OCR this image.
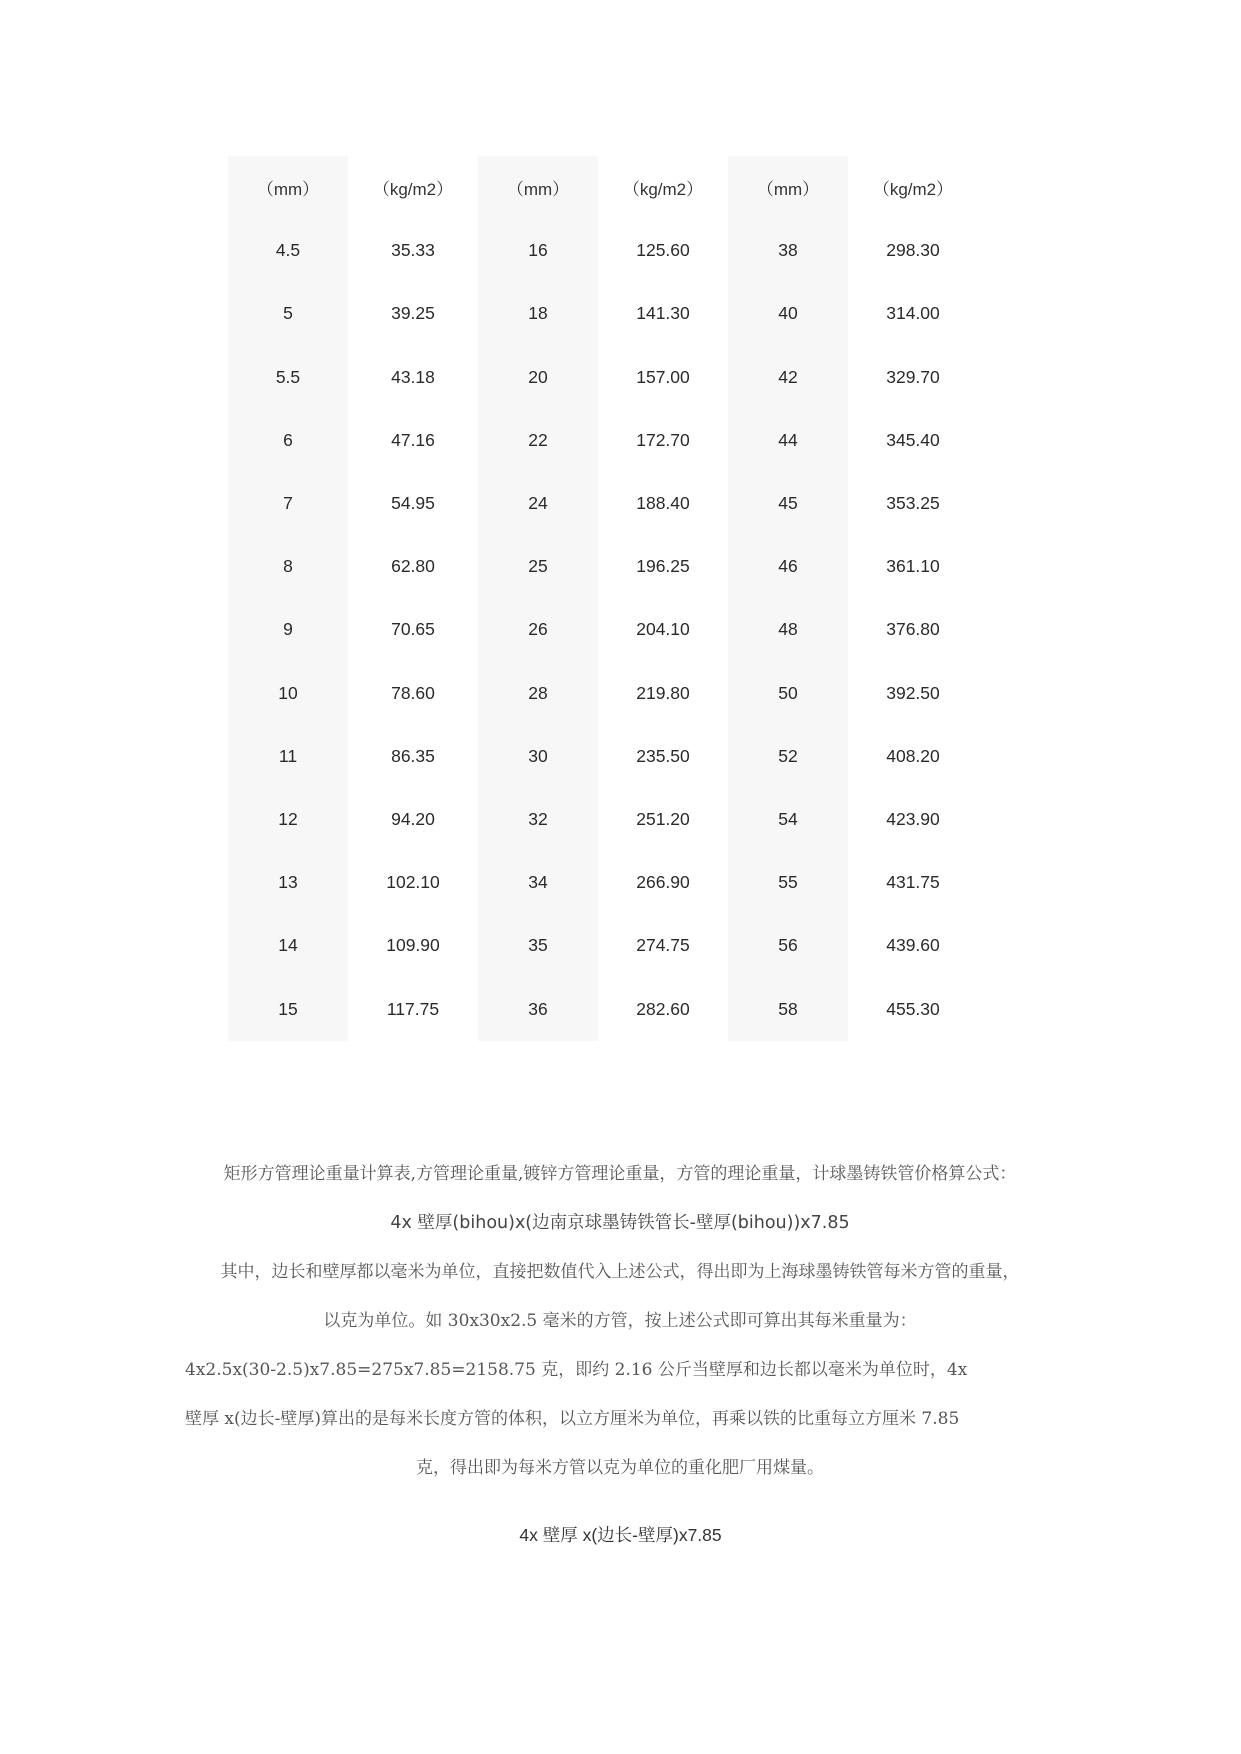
（mm）	（kg/m2）	（mm）	（kg/m2）	（mm）	（kg/m2）
4.5	35.33	16	125.60	38	298.30
5	39.25	18	141.30	40	314.00
5.5	43.18	20	157.00	42	329.70
6	47.16	22	172.70	44	345.40
7	54.95	24	188.40	45	353.25
8	62.80	25	196.25	46	361.10
9	70.65	26	204.10	48	376.80
10	78.60	28	219.80	50	392.50
11	86.35	30	235.50	52	408.20
12	94.20	32	251.20	54	423.90
13	102.10	34	266.90	55	431.75
14	109.90	35	274.75	56	439.60
15	117.75	36	282.60	58	455.30

矩形方管理论重量计算表,方管理论重量,镀锌方管理论重量，方管的理论重量，计球墨铸铁管价格算公式：

4x 壁厚(bihou)x(边南京球墨铸铁管长-壁厚(bihou))x7.85

其中，边长和壁厚都以毫米为单位，直接把数值代入上述公式，得出即为上海球墨铸铁管每米方管的重量，

以克为单位。如 30x30x2.5 毫米的方管，按上述公式即可算出其每米重量为：

4x2.5x(30-2.5)x7.85=275x7.85=2158.75 克，即约 2.16 公斤当壁厚和边长都以毫米为单位时，4x

壁厚 x(边长-壁厚)算出的是每米长度方管的体积，以立方厘米为单位，再乘以铁的比重每立方厘米 7.85

克，得出即为每米方管以克为单位的重化肥厂用煤量。

4x 壁厚 x(边长-壁厚)x7.85
